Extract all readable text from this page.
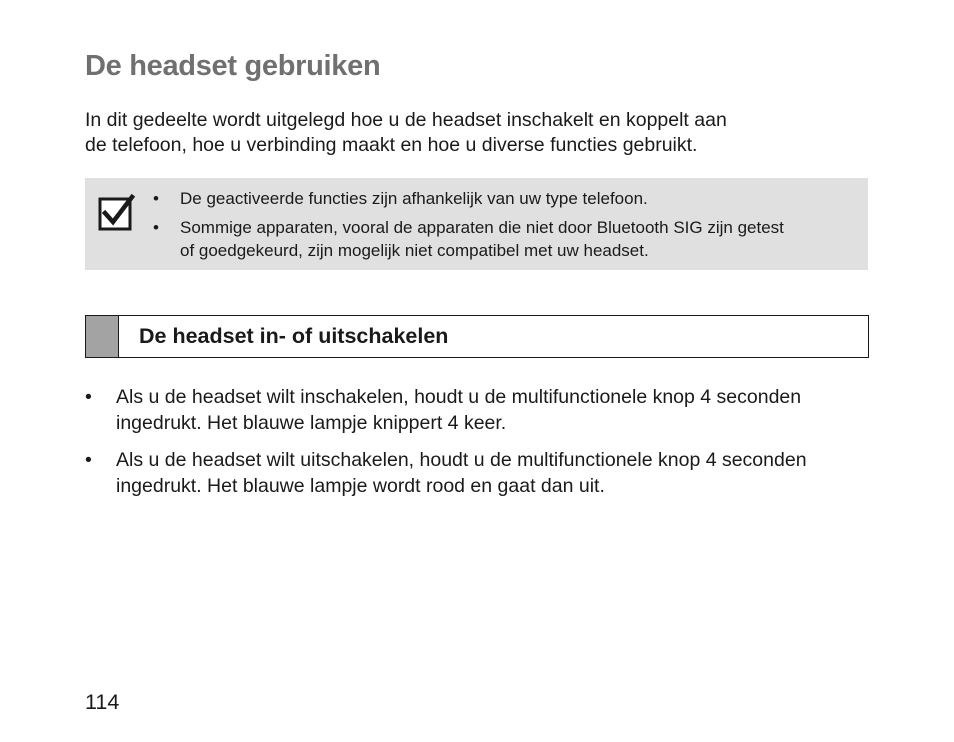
De headset gebruiken
In dit gedeelte wordt uitgelegd hoe u de headset inschakelt en koppelt aan
de telefoon, hoe u verbinding maakt en hoe u diverse functies gebruikt.
• De geactiveerde functies zijn afhankelijk van uw type telefoon.
• Sommige apparaten, vooral de apparaten die niet door Bluetooth SIG zijn getest
of goedgekeurd, zijn mogelijk niet compatibel met uw headset.
De headset in- of uitschakelen
• Als u de headset wilt inschakelen, houdt u de multifunctionele knop 4 seconden
ingedrukt. Het blauwe lampje knippert 4 keer.
• Als u de headset wilt uitschakelen, houdt u de multifunctionele knop 4 seconden
ingedrukt. Het blauwe lampje wordt rood en gaat dan uit.
114
